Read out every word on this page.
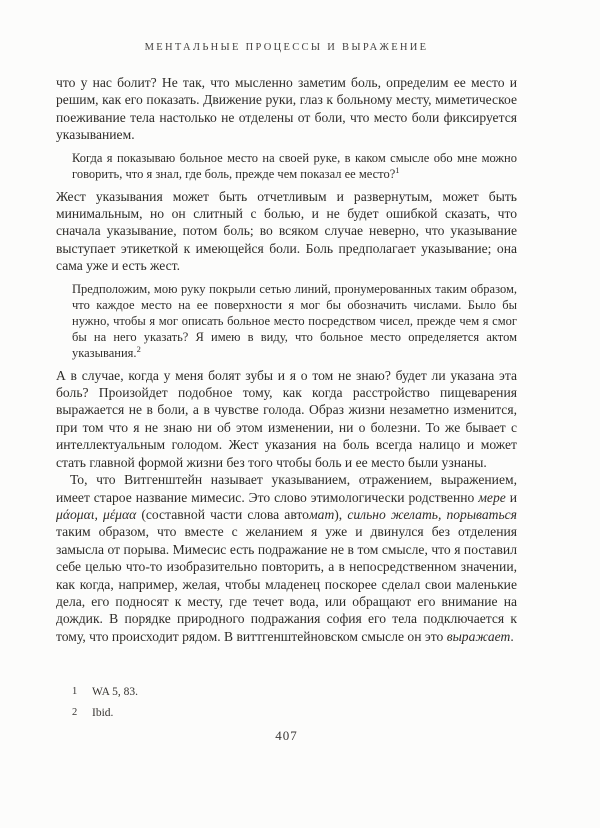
МЕНТАЛЬНЫЕ ПРОЦЕССЫ И ВЫРАЖЕНИЕ

что у нас болит? Не так, что мысленно заметим боль, определим ее место и решим, как его показать. Движение руки, глаз к больному месту, миметическое поеживание тела настолько не отделены от боли, что место боли фиксируется указыванием.

Когда я показываю больное место на своей руке, в каком смысле обо мне можно говорить, что я знал, где боль, прежде чем показал ее место?$^1$

Жест указывания может быть отчетливым и развернутым, может быть минимальным, но он слитный с болью, и не будет ошибкой сказать, что сначала указывание, потом боль; во всяком случае неверно, что указывание выступает этикеткой к имеющейся боли. Боль предполагает указывание; она сама уже и есть жест.

Предположим, мою руку покрыли сетью линий, пронумерованных таким образом, что каждое место на ее поверхности я мог бы обозначить числами. Было бы нужно, чтобы я мог описать больное место посредством чисел, прежде чем я смог бы на него указать? Я имею в виду, что больное место определяется актом указывания.$^2$

А в случае, когда у меня болят зубы и я о том не знаю? будет ли указана эта боль? Произойдет подобное тому, как когда расстройство пищеварения выражается не в боли, а в чувстве голода. Образ жизни незаметно изменится, при том что я не знаю ни об этом изменении, ни о болезни. То же бывает с интеллектуальным голодом. Жест указания на боль всегда налицо и может стать главной формой жизни без того чтобы боль и ее место были узнаны.

То, что Витгенштейн называет указыванием, отражением, выражением, имеет старое название мимесис. Это слово этимологически родственно мере и μάομαι, μέμαα (составной части слова автомат), сильно желать, порываться таким образом, что вместе с желанием я уже и двинулся без отделения замысла от порыва. Мимесис есть подражание не в том смысле, что я поставил себе целью что-то изобразительно повторить, а в непосредственном значении, как когда, например, желая, чтобы младенец поскорее сделал свои маленькие дела, его подносят к месту, где течет вода, или обращают его внимание на дождик. В порядке природного подражания софия его тела подключается к тому, что происходит рядом. В виттгенштейновском смысле он это выражает.

1	WA 5, 83.
2	Ibid.
407
